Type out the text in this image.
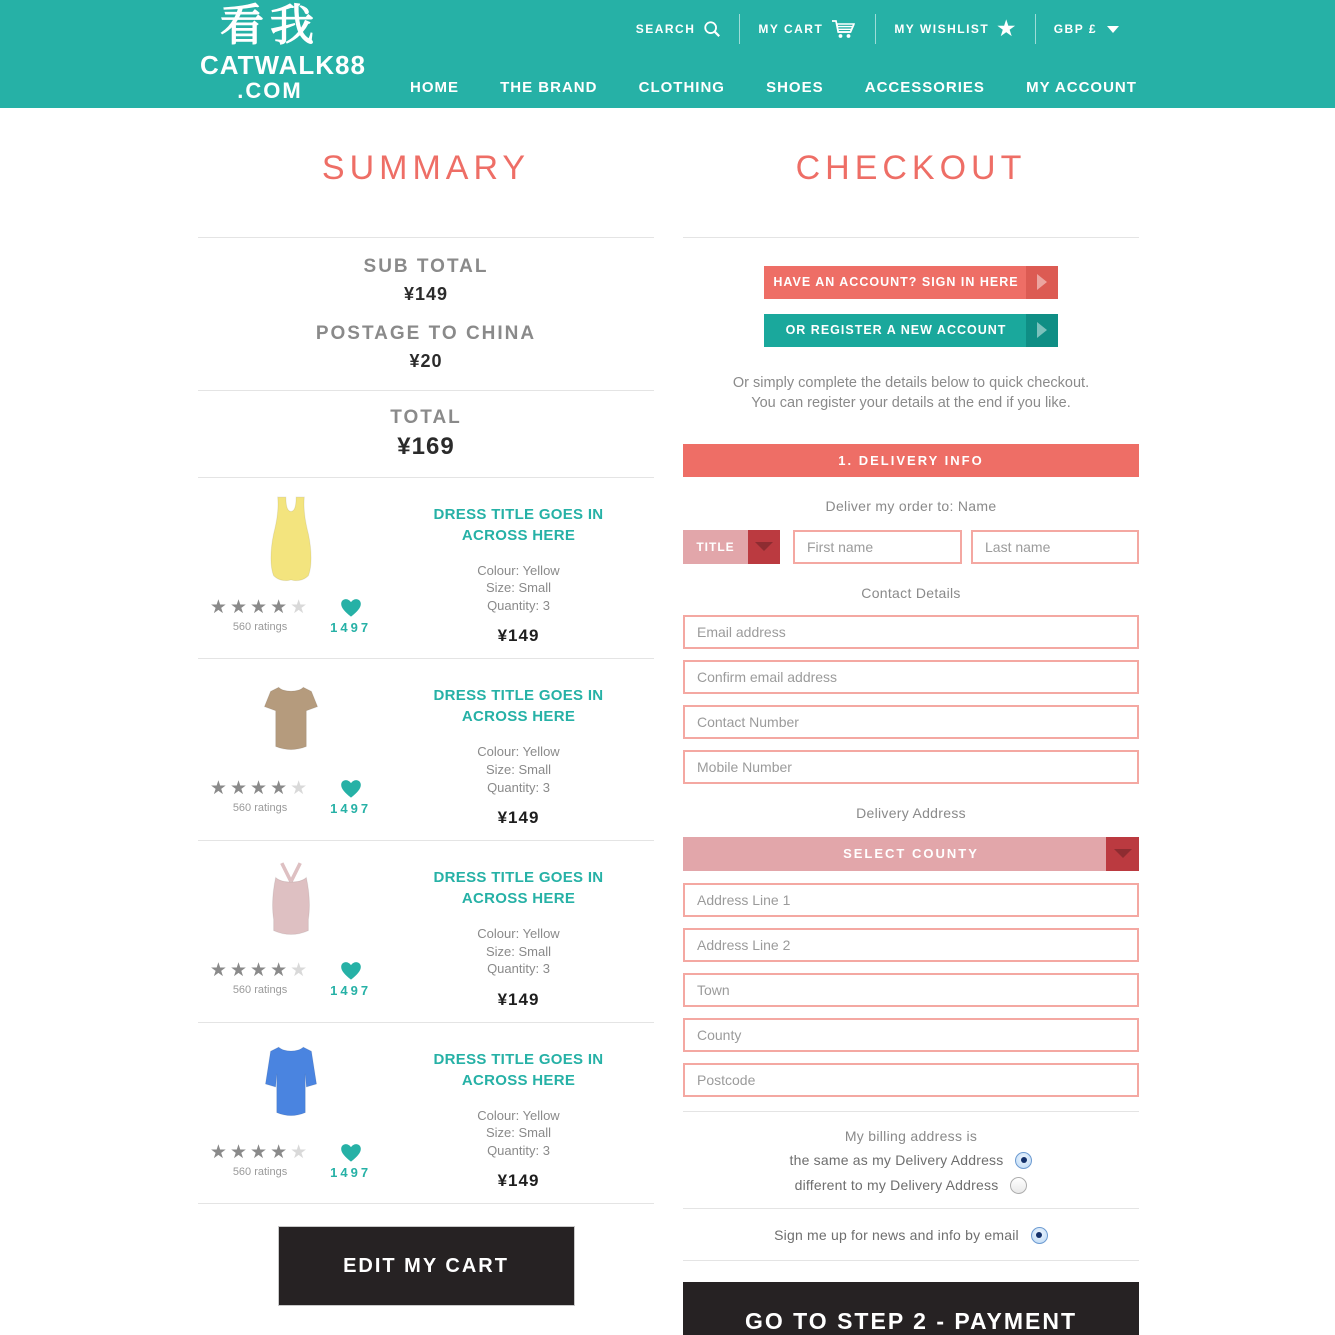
看我
CATWALK88
.COM
SEARCH	MY CART	MY WISHLIST ★	GBP £
HOME	THE BRAND	CLOTHING	SHOES	ACCESSORIES	MY ACCOUNT
SUMMARY
SUB TOTAL
¥149
POSTAGE TO CHINA
¥20
TOTAL
¥169
★★★★★
560 ratings	1497
DRESS TITLE GOES IN ACROSS HERE
Colour: Yellow
Size: Small
Quantity: 3
¥149
★★★★★
560 ratings	1497
DRESS TITLE GOES IN ACROSS HERE
Colour: Yellow
Size: Small
Quantity: 3
¥149
★★★★★
560 ratings	1497
DRESS TITLE GOES IN ACROSS HERE
Colour: Yellow
Size: Small
Quantity: 3
¥149
★★★★★
560 ratings	1497
DRESS TITLE GOES IN ACROSS HERE
Colour: Yellow
Size: Small
Quantity: 3
¥149
EDIT MY CART
CHECKOUT
HAVE AN ACCOUNT? SIGN IN HERE
OR REGISTER A NEW ACCOUNT
Or simply complete the details below to quick checkout.
You can register your details at the end if you like.
1. DELIVERY INFO
Deliver my order to: Name
TITLE
First name
Last name
Contact Details
Email address
Confirm email address
Contact Number
Mobile Number
Delivery Address
SELECT COUNTY
Address Line 1
Address Line 2
Town
County
Postcode
My billing address is
the same as my Delivery Address
different to my Delivery Address
Sign me up for news and info by email
GO TO STEP 2 - PAYMENT
